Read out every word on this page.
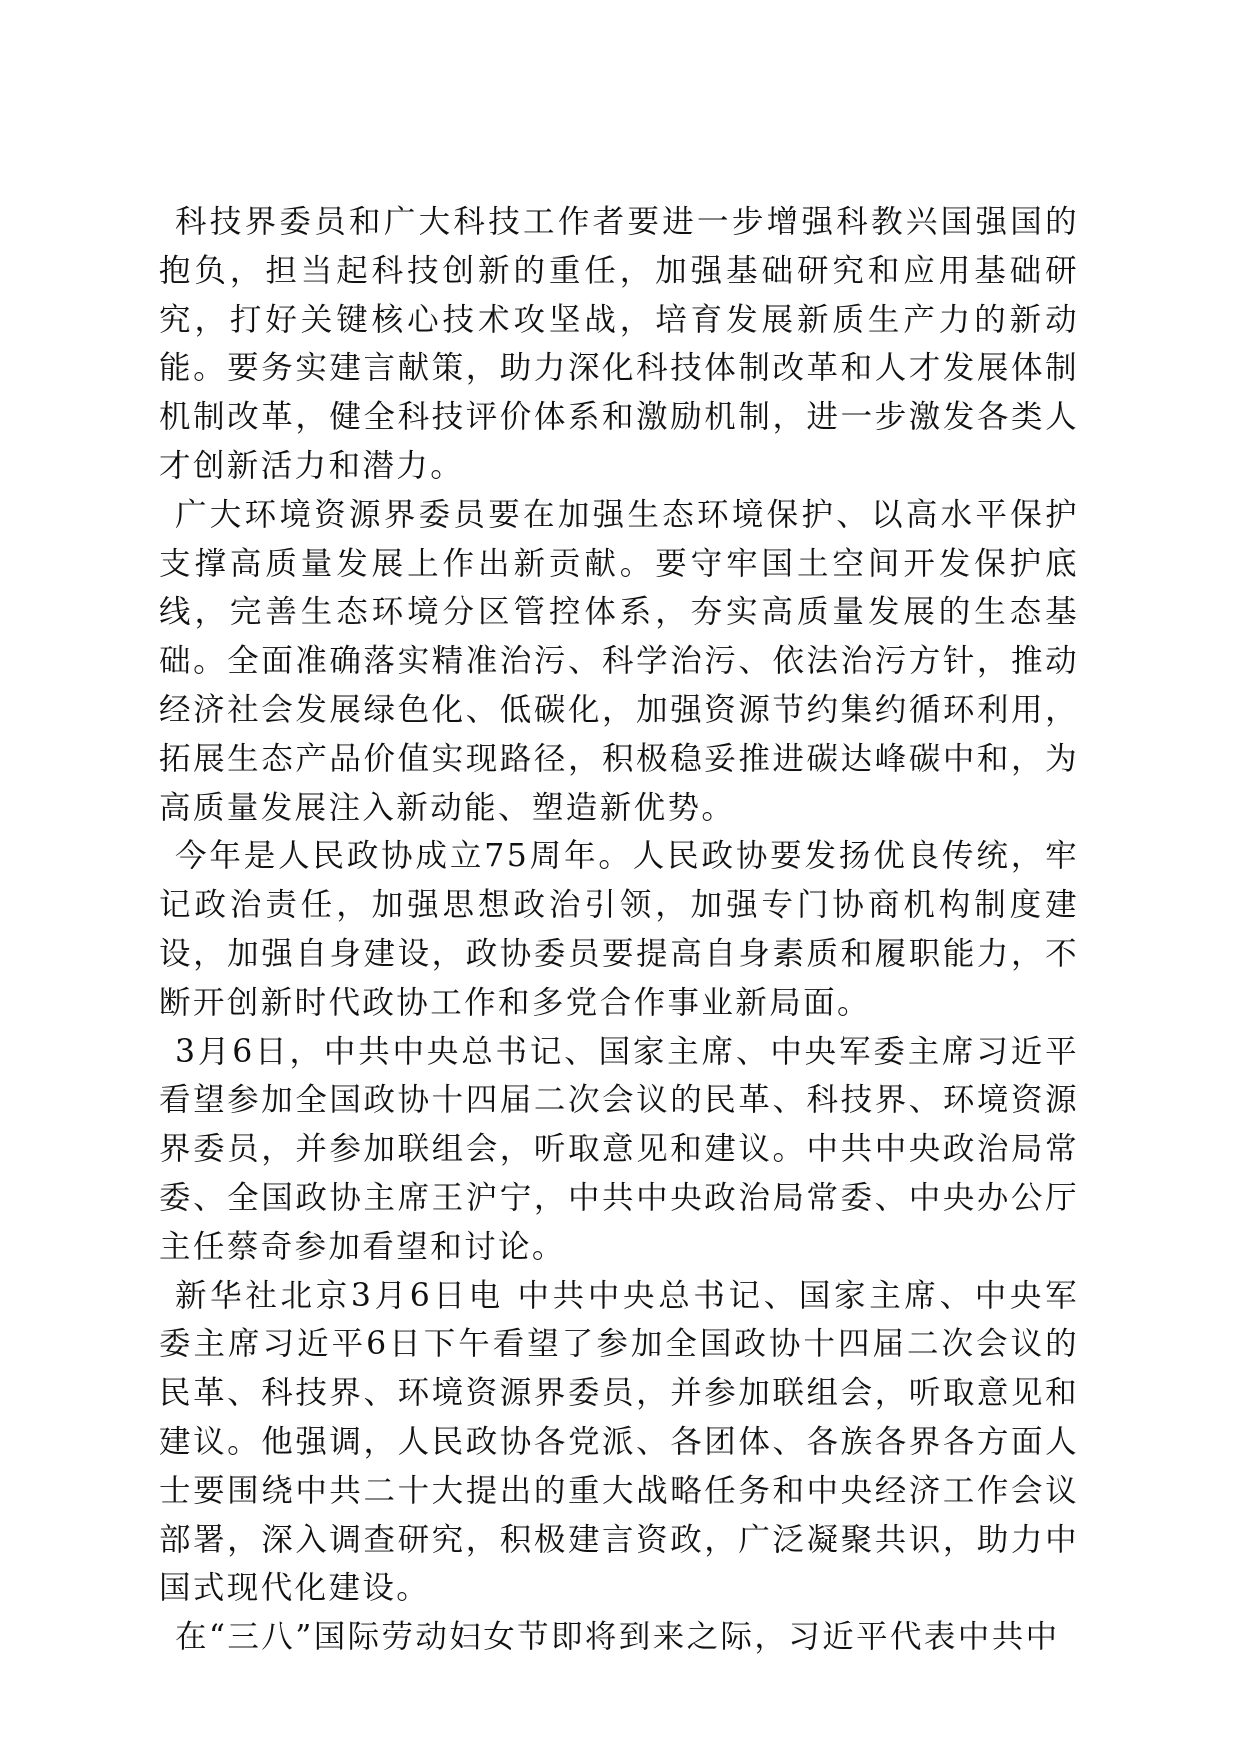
科技界委员和广大科技工作者要进一步增强科教兴国强国的抱负，担当起科技创新的重任，加强基础研究和应用基础研究，打好关键核心技术攻坚战，培育发展新质生产力的新动能。要务实建言献策，助力深化科技体制改革和人才发展体制机制改革，健全科技评价体系和激励机制，进一步激发各类人才创新活力和潜力。

广大环境资源界委员要在加强生态环境保护、以高水平保护支撑高质量发展上作出新贡献。要守牢国土空间开发保护底线，完善生态环境分区管控体系，夯实高质量发展的生态基础。全面准确落实精准治污、科学治污、依法治污方针，推动经济社会发展绿色化、低碳化，加强资源节约集约循环利用，拓展生态产品价值实现路径，积极稳妥推进碳达峰碳中和，为高质量发展注入新动能、塑造新优势。

今年是人民政协成立75周年。人民政协要发扬优良传统，牢记政治责任，加强思想政治引领，加强专门协商机构制度建设，加强自身建设，政协委员要提高自身素质和履职能力，不断开创新时代政协工作和多党合作事业新局面。

3月6日，中共中央总书记、国家主席、中央军委主席习近平看望参加全国政协十四届二次会议的民革、科技界、环境资源界委员，并参加联组会，听取意见和建议。中共中央政治局常委、全国政协主席王沪宁，中共中央政治局常委、中央办公厅主任蔡奇参加看望和讨论。

新华社北京3月6日电 中共中央总书记、国家主席、中央军委主席习近平6日下午看望了参加全国政协十四届二次会议的民革、科技界、环境资源界委员，并参加联组会，听取意见和建议。他强调，人民政协各党派、各团体、各族各界各方面人士要围绕中共二十大提出的重大战略任务和中央经济工作会议部署，深入调查研究，积极建言资政，广泛凝聚共识，助力中国式现代化建设。

在“三八”国际劳动妇女节即将到来之际，习近平代表中共中
